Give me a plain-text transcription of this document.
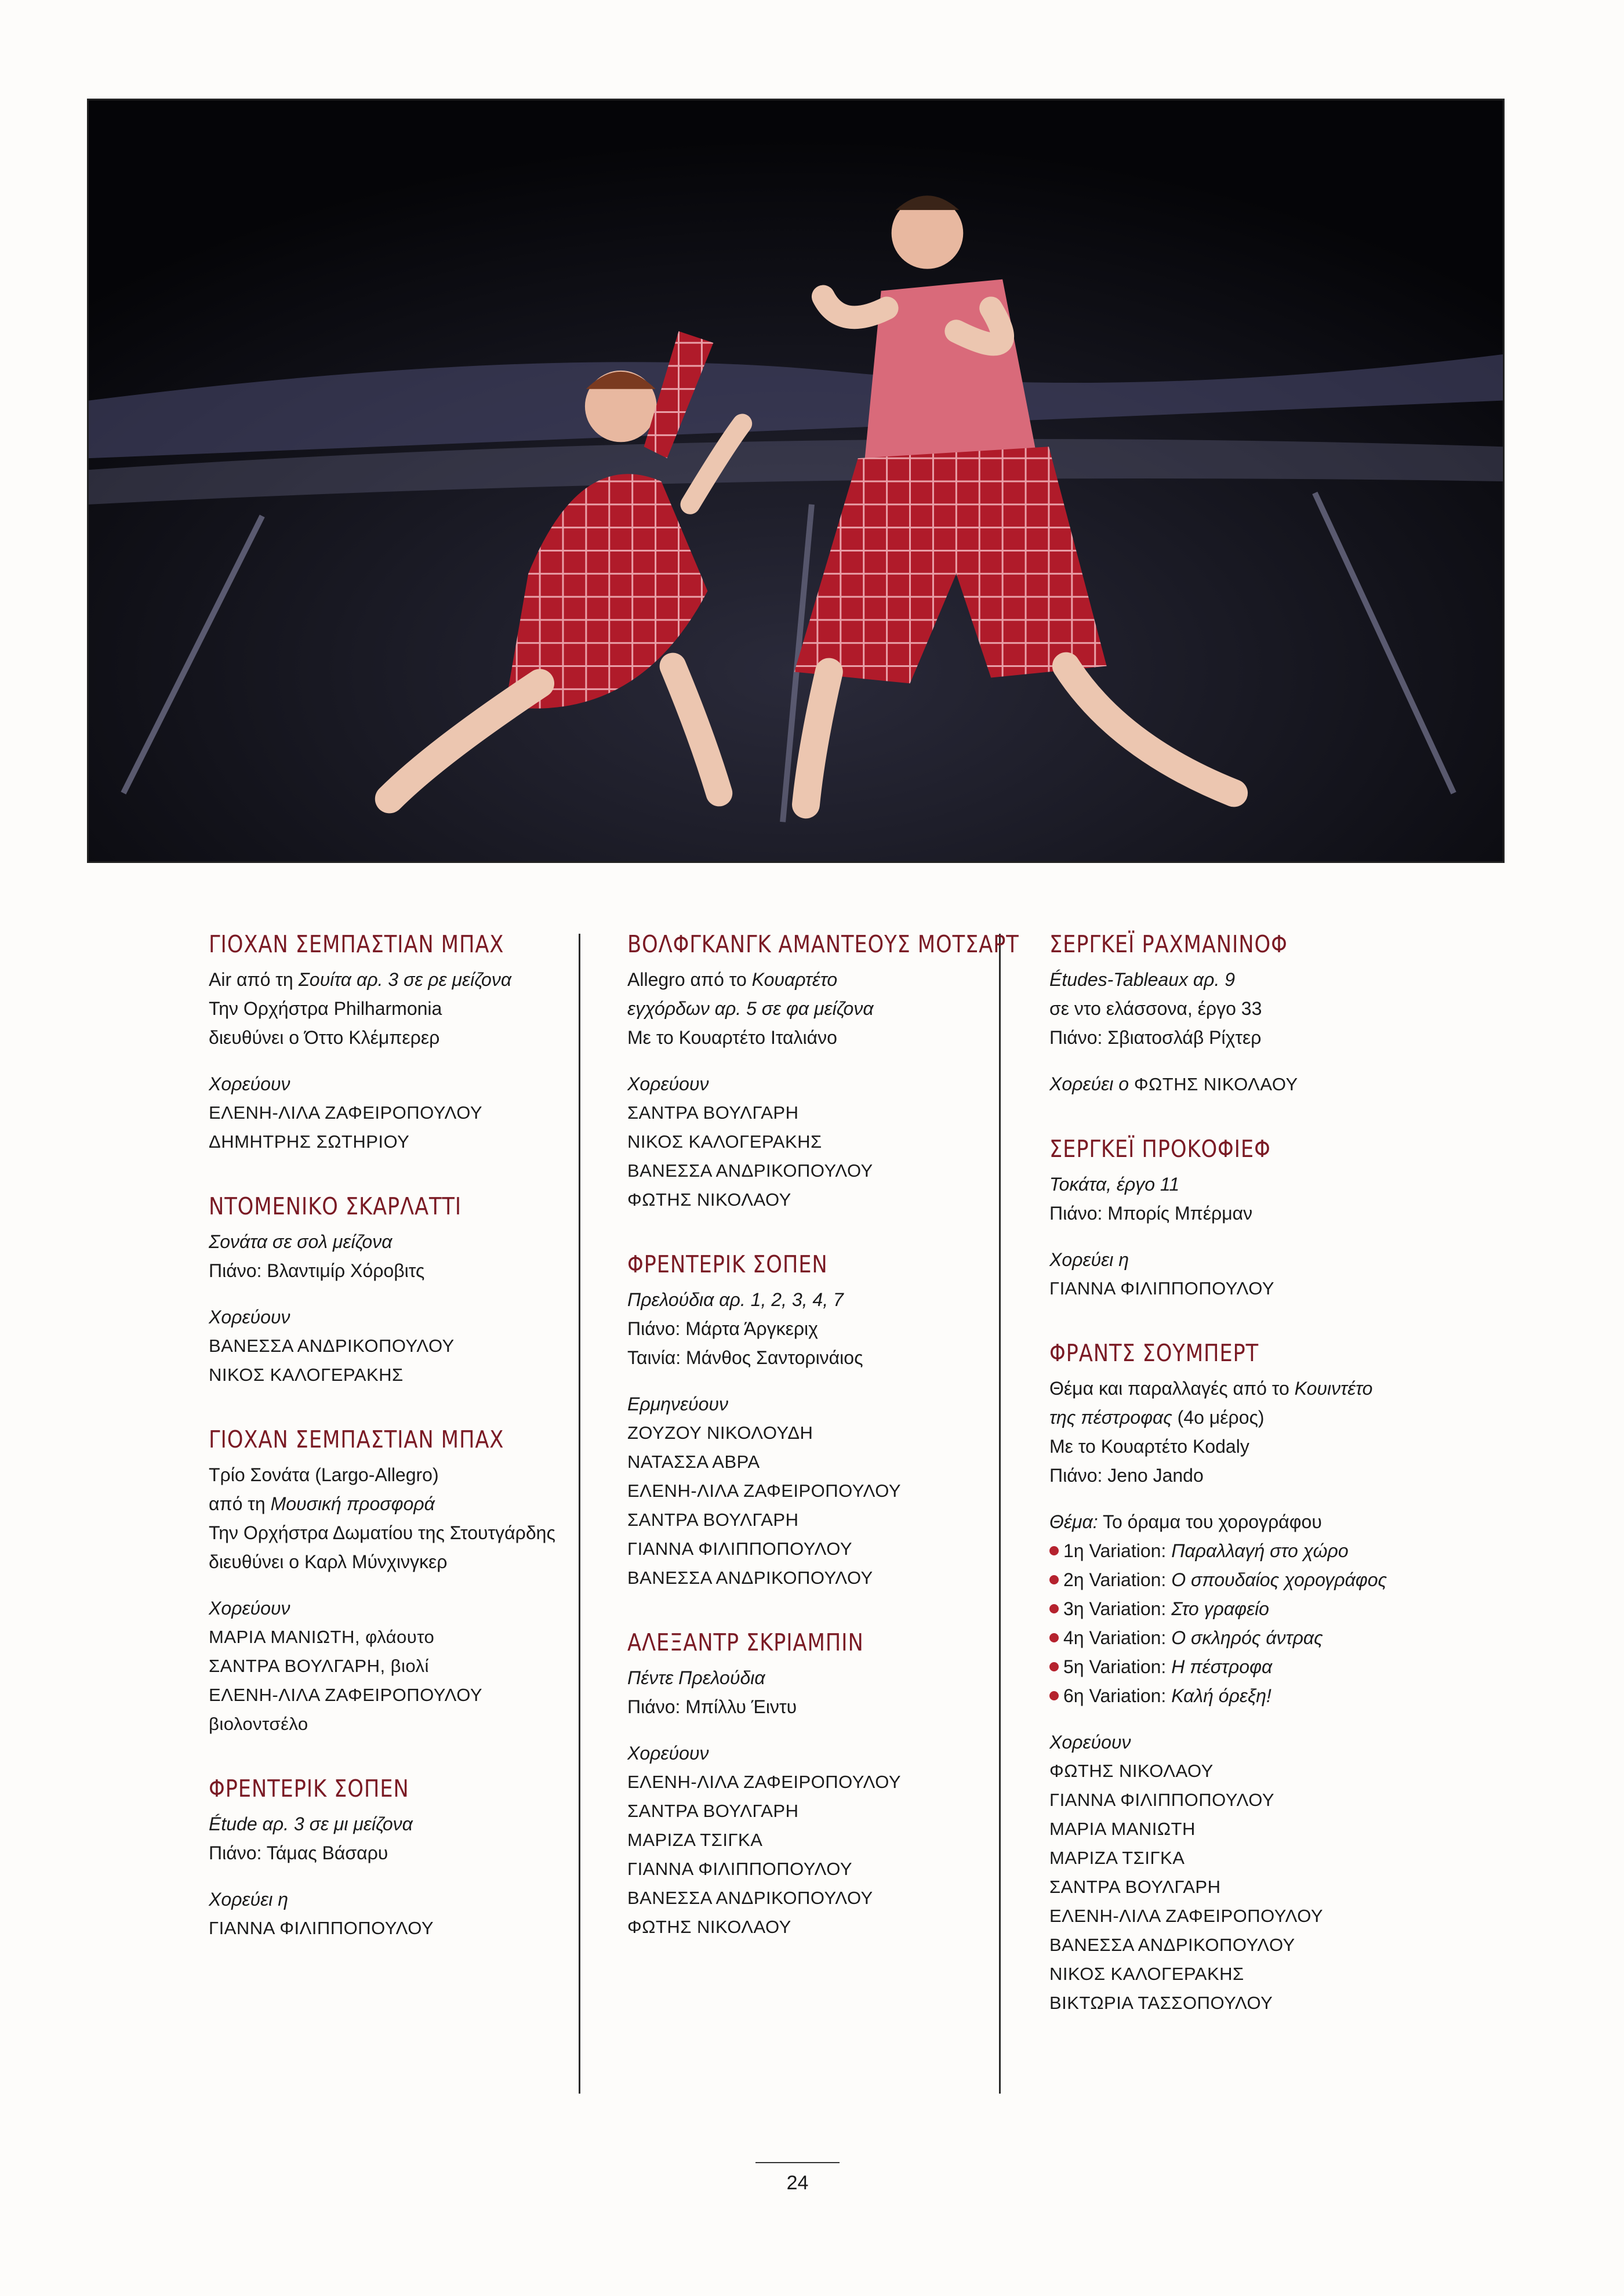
ΓΙΟΧΑΝ ΣΕΜΠΑΣΤΙΑΝ ΜΠΑΧ
Air από τη Σουίτα αρ. 3 σε ρε μείζονα
Την Ορχήστρα Philharmonia
διευθύνει ο Όττο Κλέμπερερ
Χορεύουν
ΕΛΕΝΗ-ΛΙΛΑ ΖΑΦΕΙΡΟΠΟΥΛΟΥ
ΔΗΜΗΤΡΗΣ ΣΩΤΗΡΙΟΥ
ΝΤΟΜΕΝΙΚΟ ΣΚΑΡΛΑΤΤΙ
Σονάτα σε σολ μείζονα
Πιάνο: Βλαντιμίρ Χόροβιτς
Χορεύουν
ΒΑΝΕΣΣΑ ΑΝΔΡΙΚΟΠΟΥΛΟΥ
ΝΙΚΟΣ ΚΑΛΟΓΕΡΑΚΗΣ
ΓΙΟΧΑΝ ΣΕΜΠΑΣΤΙΑΝ ΜΠΑΧ
Τρίο Σονάτα (Largo-Allegro)
από τη Μουσική προσφορά
Την Ορχήστρα Δωματίου της Στουτγάρδης
διευθύνει ο Καρλ Μύνχινγκερ
Χορεύουν
ΜΑΡΙΑ ΜΑΝΙΩΤΗ, φλάουτο
ΣΑΝΤΡΑ ΒΟΥΛΓΑΡΗ, βιολί
ΕΛΕΝΗ-ΛΙΛΑ ΖΑΦΕΙΡΟΠΟΥΛΟΥ
βιολοντσέλο
ΦΡΕΝΤΕΡΙΚ ΣΟΠΕΝ
Étude αρ. 3 σε μι μείζονα
Πιάνο: Τάμας Βάσαρυ
Χορεύει η
ΓΙΑΝΝΑ ΦΙΛΙΠΠΟΠΟΥΛΟΥ
ΒΟΛΦΓΚΑΝΓΚ ΑΜΑΝΤΕΟΥΣ ΜΟΤΣΑΡΤ
Allegro από το Κουαρτέτο
εγχόρδων αρ. 5 σε φα μείζονα
Με το Κουαρτέτο Ιταλιάνο
Χορεύουν
ΣΑΝΤΡΑ ΒΟΥΛΓΑΡΗ
ΝΙΚΟΣ ΚΑΛΟΓΕΡΑΚΗΣ
ΒΑΝΕΣΣΑ ΑΝΔΡΙΚΟΠΟΥΛΟΥ
ΦΩΤΗΣ ΝΙΚΟΛΑΟΥ
ΦΡΕΝΤΕΡΙΚ ΣΟΠΕΝ
Πρελούδια αρ. 1, 2, 3, 4, 7
Πιάνο: Μάρτα Άργκεριχ
Ταινία: Μάνθος Σαντορινάιος
Ερμηνεύουν
ΖΟΥΖΟΥ ΝΙΚΟΛΟΥΔΗ
ΝΑΤΑΣΣΑ ΑΒΡΑ
ΕΛΕΝΗ-ΛΙΛΑ ΖΑΦΕΙΡΟΠΟΥΛΟΥ
ΣΑΝΤΡΑ ΒΟΥΛΓΑΡΗ
ΓΙΑΝΝΑ ΦΙΛΙΠΠΟΠΟΥΛΟΥ
ΒΑΝΕΣΣΑ ΑΝΔΡΙΚΟΠΟΥΛΟΥ
ΑΛΕΞΑΝΤΡ ΣΚΡΙΑΜΠΙΝ
Πέντε Πρελούδια
Πιάνο: Μπίλλυ Έιντυ
Χορεύουν
ΕΛΕΝΗ-ΛΙΛΑ ΖΑΦΕΙΡΟΠΟΥΛΟΥ
ΣΑΝΤΡΑ ΒΟΥΛΓΑΡΗ
ΜΑΡΙΖΑ ΤΣΙΓΚΑ
ΓΙΑΝΝΑ ΦΙΛΙΠΠΟΠΟΥΛΟΥ
ΒΑΝΕΣΣΑ ΑΝΔΡΙΚΟΠΟΥΛΟΥ
ΦΩΤΗΣ ΝΙΚΟΛΑΟΥ
ΣΕΡΓΚΕΪ ΡΑΧΜΑΝΙΝΟΦ
Études-Tableaux αρ. 9
σε ντο ελάσσονα, έργο 33
Πιάνο: Σβιατοσλάβ Ρίχτερ
Χορεύει ο ΦΩΤΗΣ ΝΙΚΟΛΑΟΥ
ΣΕΡΓΚΕΪ ΠΡΟΚΟΦΙΕΦ
Τοκάτα, έργο 11
Πιάνο: Μπορίς Μπέρμαν
Χορεύει η
ΓΙΑΝΝΑ ΦΙΛΙΠΠΟΠΟΥΛΟΥ
ΦΡΑΝΤΣ ΣΟΥΜΠΕΡΤ
Θέμα και παραλλαγές από το Κουιντέτο
της πέστροφας (4ο μέρος)
Με το Κουαρτέτο Kodaly
Πιάνο: Jeno Jando
Θέμα: Το όραμα του χορογράφου
1η Variation: Παραλλαγή στο χώρο
2η Variation: Ο σπουδαίος χορογράφος
3η Variation: Στο γραφείο
4η Variation: Ο σκληρός άντρας
5η Variation: Η πέστροφα
6η Variation: Καλή όρεξη!
Χορεύουν
ΦΩΤΗΣ ΝΙΚΟΛΑΟΥ
ΓΙΑΝΝΑ ΦΙΛΙΠΠΟΠΟΥΛΟΥ
ΜΑΡΙΑ ΜΑΝΙΩΤΗ
ΜΑΡΙΖΑ ΤΣΙΓΚΑ
ΣΑΝΤΡΑ ΒΟΥΛΓΑΡΗ
ΕΛΕΝΗ-ΛΙΛΑ ΖΑΦΕΙΡΟΠΟΥΛΟΥ
ΒΑΝΕΣΣΑ ΑΝΔΡΙΚΟΠΟΥΛΟΥ
ΝΙΚΟΣ ΚΑΛΟΓΕΡΑΚΗΣ
ΒΙΚΤΩΡΙΑ ΤΑΣΣΟΠΟΥΛΟΥ
24
